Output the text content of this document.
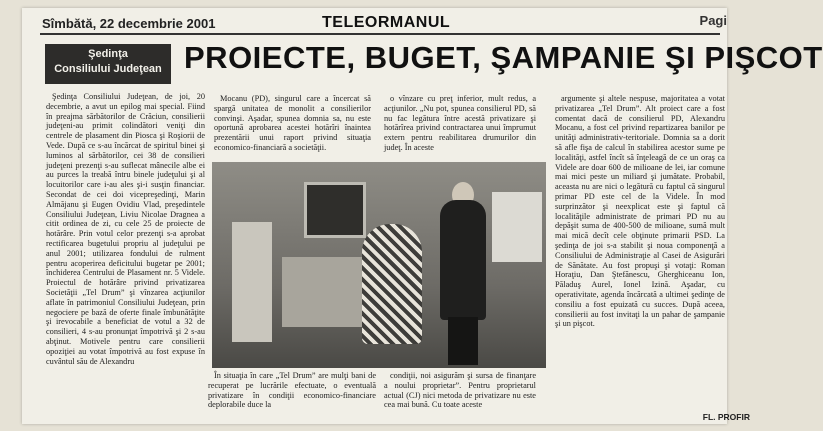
Sîmbătă, 22 decembrie 2001	TELEORMANUL	Pagi
Şedinţa
Consiliului Judeţean PROIECTE, BUGET, ŞAMPANIE ŞI PIŞCOT

Şedinţa Consiliului Judeţean, de joi, 20 decembrie, a avut un epilog mai special. Fiind în preajma sărbătorilor de Crăciun, consilierii judeţeni-au primit colindători veniţi din centrele de plasament din Piosca şi Roşiorii de Vede. După ce s-au încărcat de spiritul binei şi luminos al sărbătorilor, cei 38 de consilieri judeţeni prezenţi s-au suflecat mânecile albe ei au purces la treabă întru binele judeţului şi al locuitorilor care i-au ales şi-i susţin financiar. Secondat de cei doi vicepreşedinţi, Marin Almăjanu şi Eugen Ovidiu Vlad, preşedintele Consiliului Judeţean, Liviu Nicolae Dragnea a citit ordinea de zi, cu cele 25 de proiecte de hotărâre. Prin votul celor prezenţi s-a aprobat rectificarea bugetului propriu al judeţului pe anul 2001; utilizarea fondului de rulment pentru acoperirea deficitului bugetar pe 2001; închiderea Centrului de Plasament nr. 5 Videle. Proiectul de hotărâre privind privatizarea Societăţii „Tel Drum” şi vînzarea acţiunilor aflate în patrimoniul Consiliului Judeţean, prin negociere pe bază de oferte finale îmbunătăţite şi irevocabile a beneficiat de votul a 32 de consilieri, 4 s-au pronunţat împotrivă şi 2 s-au abţinut. Motivele pentru care consilierii opoziţiei au votat împotrivă au fost expuse în cuvântul său de Alexandru

Mocanu (PD), singurul care a încercat să spargă unitatea de monolit a consilierilor convinşi. Aşadar, spunea domnia sa, nu este oportună aprobarea acestei hotărîri înaintea prezentării unui raport privind situaţia economico-financiară a societăţii.

o vînzare cu preţ inferior, mult redus, a acţiunilor. „Nu pot, spunea consilierul PD, să nu fac legătura între acestă privatizare şi hotărîrea privind contractarea unui împrumut extern pentru reabilitarea drumurilor din judeţ. În aceste

argumente şi altele nespuse, majoritatea a votat privatizarea „Tel Drum”. Alt proiect care a fost comentat dacă de consilierul PD, Alexandru Mocanu, a fost cel privind repartizarea banilor pe unităţi administrativ-teritoriale. Domnia sa a dorit să afle fişa de calcul în stabilirea acestor sume pe localităţi, astfel încît să înţeleagă de ce un oraş ca Videle are doar 600 de milioane de lei, iar comune mai mici peste un miliard şi jumătate. Probabil, aceasta nu are nici o legătură cu faptul că singurul primar PD este cel de la Videle. În mod surprinzător şi neexplicat este şi faptul că localităţile administrate de primari PD nu au depăşit suma de 400-500 de milioane, sumă mult mai mică decît cele obţinute primarii PSD. La şedinţa de joi s-a stabilit şi noua componenţă a Consiliului de Administraţie al Casei de Asigurări de Sănătate. Au fost propuşi şi votaţi: Roman Horaţiu, Dan Ştefănescu, Gherghiceanu Ion, Păladuş Aurel, Ionel Izină. Aşadar, cu operativitate, agenda încărcată a ultimei şedinţe de consiliu a fost epuizată cu succes. După aceea, consilierii au fost invitaţi la un pahar de şampanie şi un pişcot.

În situaţia în care „Tel Drum” are mulţi bani de recuperat pe lucrările efectuate, o eventuală privatizare în condiţii economico-financiare deplorabile duce la

condiţii, noi asigurăm şi sursa de finanţare a noului proprietar”. Pentru proprietarul actual (CJ) nici metoda de privatizare nu este cea mai bună. Cu toate aceste

FL. PROFIR
